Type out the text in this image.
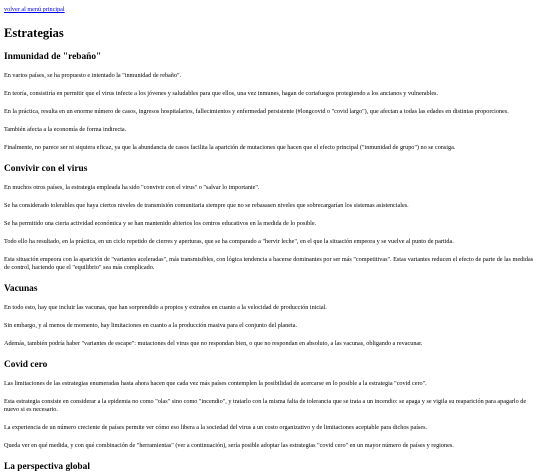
volver al menú principal
Estrategias
Inmunidad de "rebaño"

En varios países, se ha propuesto e intentado la "inmunidad de rebaño".

En teoría, consistiría en permitir que el virus infecte a los jóvenes y saludables para que ellos, una vez inmunes, hagan de cortafuegos protegiendo a los ancianos y vulnerables.

En la práctica, resulta en un enorme número de casos, ingresos hospitalarios, fallecimientos y enfermedad persistente (#longcovid o "covid largo"), que afectan a todas las edades en distintas proporciones.

También afecta a la economía de forma indirecta.

Finalmente, no parece ser ni siquiera eficaz, ya que la abundancia de casos facilita la aparición de mutaciones que hacen que el efecto principal ("inmunidad de grupo") no se consiga.

Convivir con el virus

En muchos otros países, la estrategia empleada ha sido "convivir con el virus" o "salvar lo importante".

Se ha considerado tolerables que haya ciertos niveles de transmisión comunitaria siempre que no se rebasasen niveles que sobrecargarían los sistemas asistenciales.

Se ha permitido una cierta actividad económica y se han mantenido abiertos los centros educativos en la medida de lo posible.

Todo ello ha resultado, en la práctica, en un ciclo repetido de cierres y aperturas, que se ha comparado a "hervir leche", en el que la situación empeora y se vuelve al punto de partida.

Esta situación empeora con la aparición de "variantes aceleradas", más transmisibles, con lógica tendencia a hacerse dominantes por ser más "competitivas". Estas variantes reducen el efecto de parte de las medidas de control, haciendo que el "equilibrio" sea más complicado.

Vacunas

En todo esto, hay que incluir las vacunas, que han sorprendido a propios y extraños en cuanto a la velocidad de producción inicial.

Sin embargo, y al menos de momento, hay limitaciones en cuanto a la producción masiva para el conjunto del planeta.

Además, también podría haber "variantes de escape": mutaciones del virus que no respondan bien, o que no respondan en absoluto, a las vacunas, obligando a revacunar.

Covid cero

Las limitaciones de las estrategias enumeradas hasta ahora hacen que cada vez más países contemplen la posibilidad de acercarse en lo posible a la estrategia "covid cero".

Esta estrategia consiste en considerar a la epidemia no como "olas" sino como "incendio", y tratarlo con la misma falta de tolerancia que se trata a un incendio: se apaga y se vigila su reaparición para apagarlo de nuevo si es necesario.

La experiencia de un número creciente de países permite ver cómo eso libera a la sociedad del virus a un costo organizativo y de limitaciones aceptable para dichos países.

Queda ver en qué medida, y con qué combinación de "herramientas" (ver a continuación), sería posible adoptar las estrategias "covid cero" en un mayor número de países y regiones.

La perspectiva global
